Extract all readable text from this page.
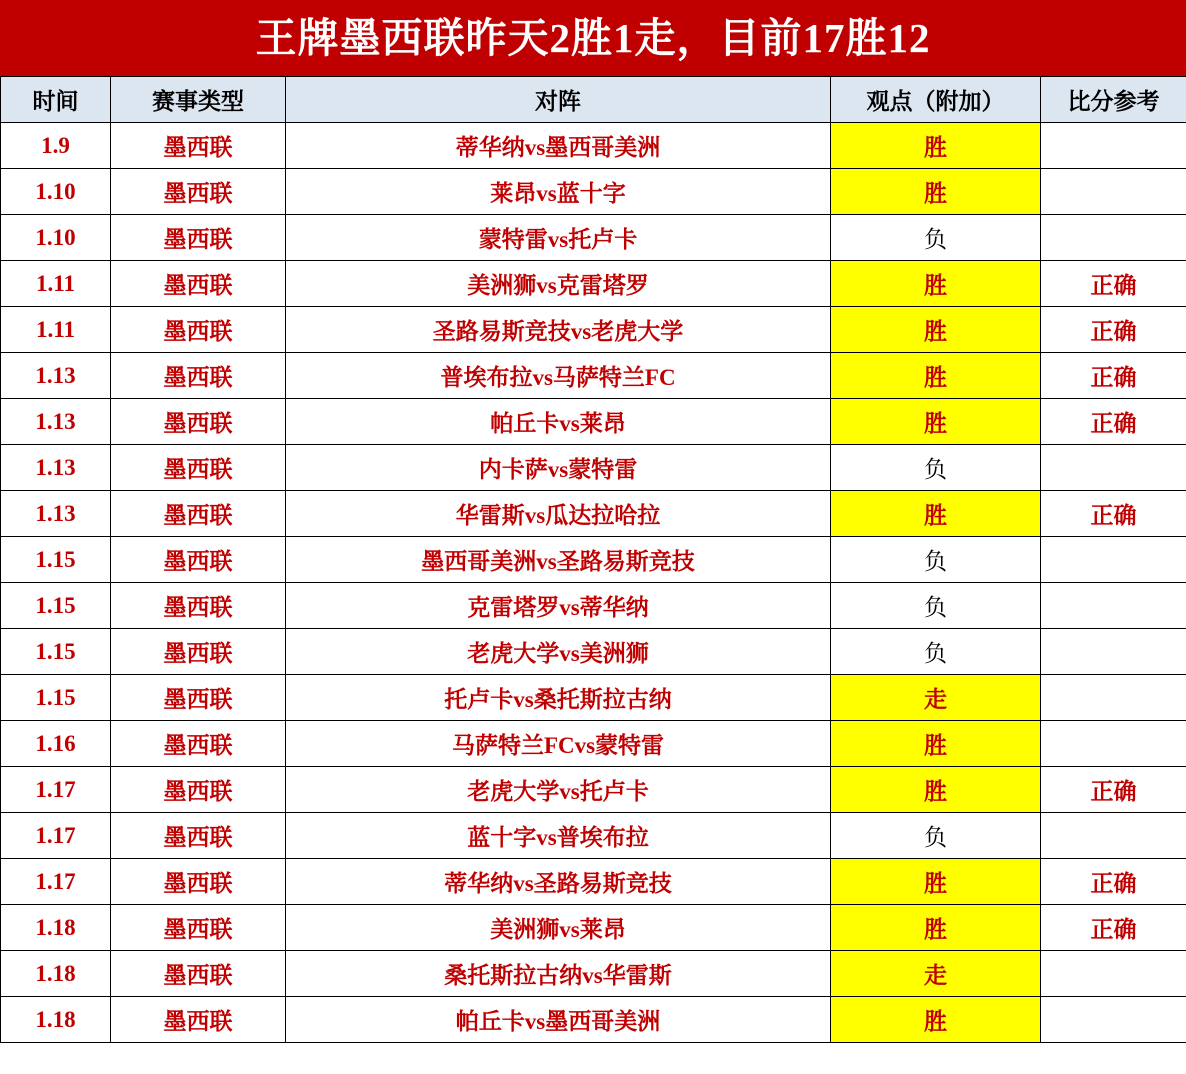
王牌墨西联昨天2胜1走，目前17胜12
时间	赛事类型	对阵	观点（附加）	比分参考
1.9	墨西联	蒂华纳vs墨西哥美洲	胜	
1.10	墨西联	莱昂vs蓝十字	胜	
1.10	墨西联	蒙特雷vs托卢卡	负	
1.11	墨西联	美洲狮vs克雷塔罗	胜	正确
1.11	墨西联	圣路易斯竞技vs老虎大学	胜	正确
1.13	墨西联	普埃布拉vs马萨特兰FC	胜	正确
1.13	墨西联	帕丘卡vs莱昂	胜	正确
1.13	墨西联	内卡萨vs蒙特雷	负	
1.13	墨西联	华雷斯vs瓜达拉哈拉	胜	正确
1.15	墨西联	墨西哥美洲vs圣路易斯竞技	负	
1.15	墨西联	克雷塔罗vs蒂华纳	负	
1.15	墨西联	老虎大学vs美洲狮	负	
1.15	墨西联	托卢卡vs桑托斯拉古纳	走	
1.16	墨西联	马萨特兰FCvs蒙特雷	胜	
1.17	墨西联	老虎大学vs托卢卡	胜	正确
1.17	墨西联	蓝十字vs普埃布拉	负	
1.17	墨西联	蒂华纳vs圣路易斯竞技	胜	正确
1.18	墨西联	美洲狮vs莱昂	胜	正确
1.18	墨西联	桑托斯拉古纳vs华雷斯	走	
1.18	墨西联	帕丘卡vs墨西哥美洲	胜	
